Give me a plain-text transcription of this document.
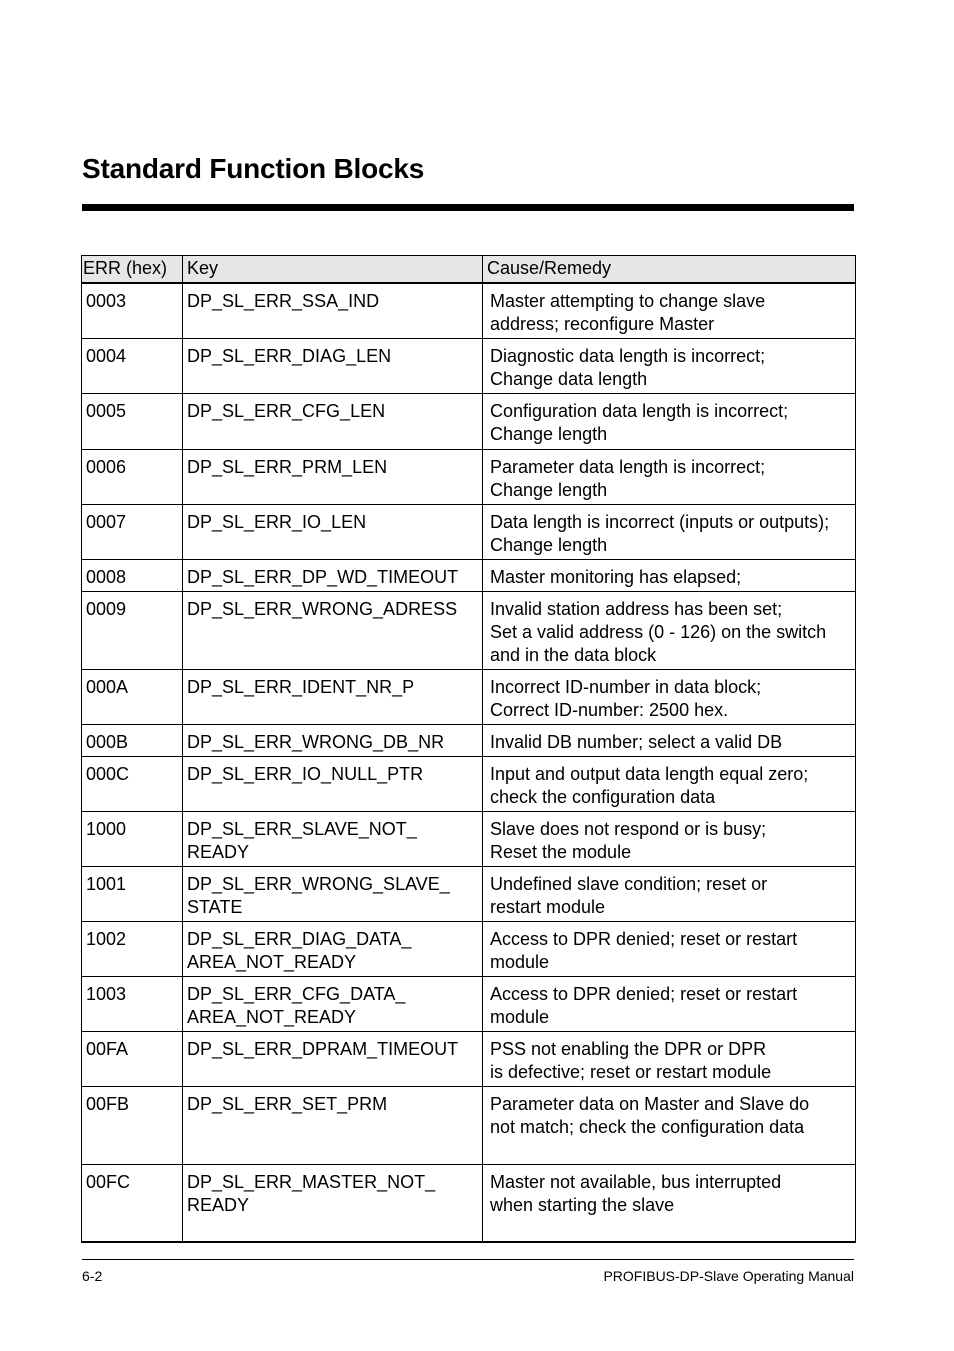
Standard Function Blocks
ERR (hex)	Key	Cause/Remedy
0003	DP_SL_ERR_SSA_IND	Master attempting to change slave
address; reconfigure Master
0004	DP_SL_ERR_DIAG_LEN	Diagnostic data length is incorrect;
Change data length
0005	DP_SL_ERR_CFG_LEN	Configuration data length is incorrect;
Change length
0006	DP_SL_ERR_PRM_LEN	Parameter data length is incorrect;
Change length
0007	DP_SL_ERR_IO_LEN	Data length is incorrect (inputs or outputs);
Change length
0008	DP_SL_ERR_DP_WD_TIMEOUT	Master monitoring has elapsed;
0009	DP_SL_ERR_WRONG_ADRESS	Invalid station address has been set;
Set a valid address (0 - 126) on the switch
and in the data block
000A	DP_SL_ERR_IDENT_NR_P	Incorrect ID-number in data block;
Correct ID-number: 2500 hex.
000B	DP_SL_ERR_WRONG_DB_NR	Invalid DB number; select a valid DB
000C	DP_SL_ERR_IO_NULL_PTR	Input and output data length equal zero;
check the configuration data
1000	DP_SL_ERR_SLAVE_NOT_
READY	Slave does not respond or is busy;
Reset the module
1001	DP_SL_ERR_WRONG_SLAVE_
STATE	Undefined slave condition; reset or
restart module
1002	DP_SL_ERR_DIAG_DATA_
AREA_NOT_READY	Access to DPR denied; reset or restart
module
1003	DP_SL_ERR_CFG_DATA_
AREA_NOT_READY	Access to DPR denied; reset or restart
module
00FA	DP_SL_ERR_DPRAM_TIMEOUT	PSS not enabling the DPR or DPR
is defective; reset or restart module
00FB	DP_SL_ERR_SET_PRM	Parameter data on Master and Slave do
not match; check the configuration data
00FC	DP_SL_ERR_MASTER_NOT_
READY	Master not available, bus interrupted
when starting the slave
6-2	PROFIBUS-DP-Slave Operating Manual
